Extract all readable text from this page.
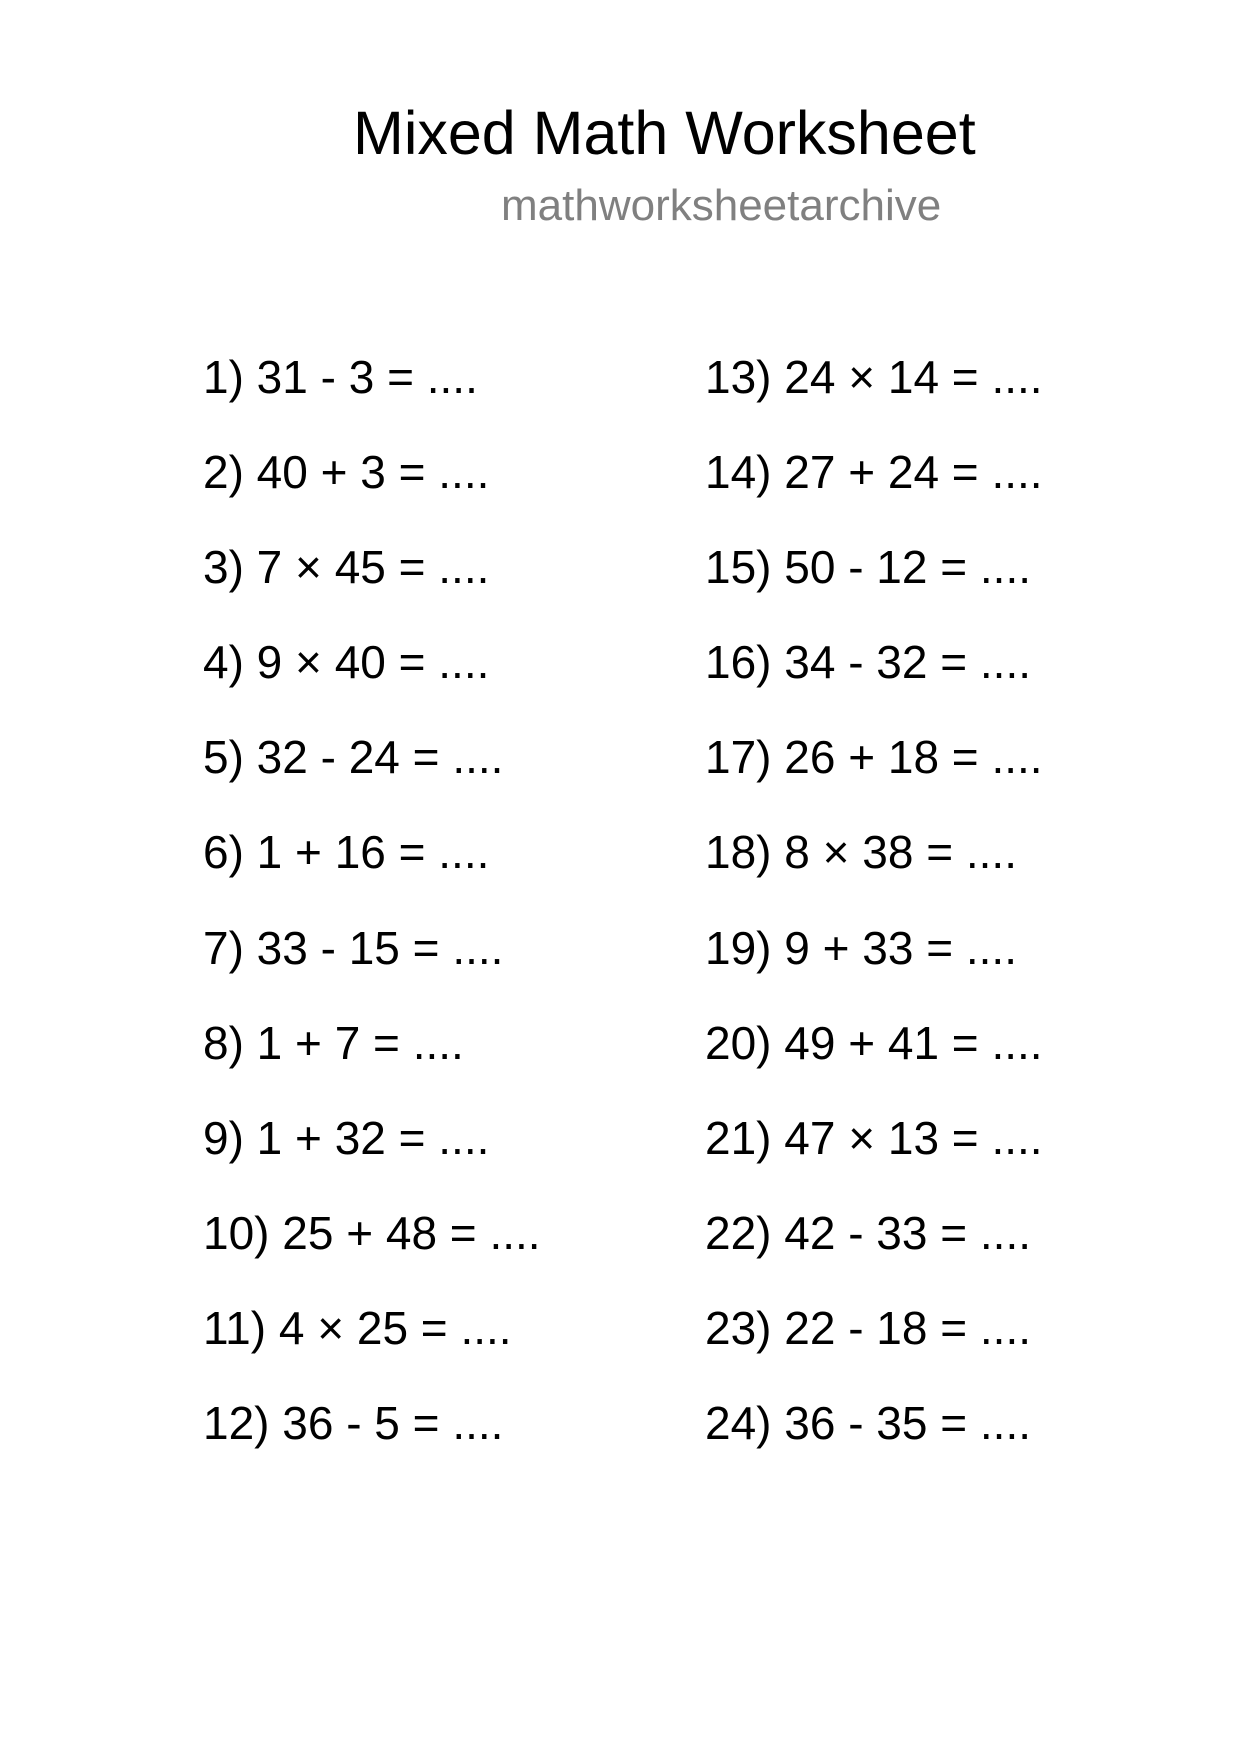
Mixed Math Worksheet
mathworksheetarchive
1) 31 - 3 = ....
2) 40 + 3 = ....
3) 7 × 45 = ....
4) 9 × 40 = ....
5) 32 - 24 = ....
6) 1 + 16 = ....
7) 33 - 15 = ....
8) 1 + 7 = ....
9) 1 + 32 = ....
10) 25 + 48 = ....
11) 4 × 25 = ....
12) 36 - 5 = ....
13) 24 × 14 = ....
14) 27 + 24 = ....
15) 50 - 12 = ....
16) 34 - 32 = ....
17) 26 + 18 = ....
18) 8 × 38 = ....
19) 9 + 33 = ....
20) 49 + 41 = ....
21) 47 × 13 = ....
22) 42 - 33 = ....
23) 22 - 18 = ....
24) 36 - 35 = ....
